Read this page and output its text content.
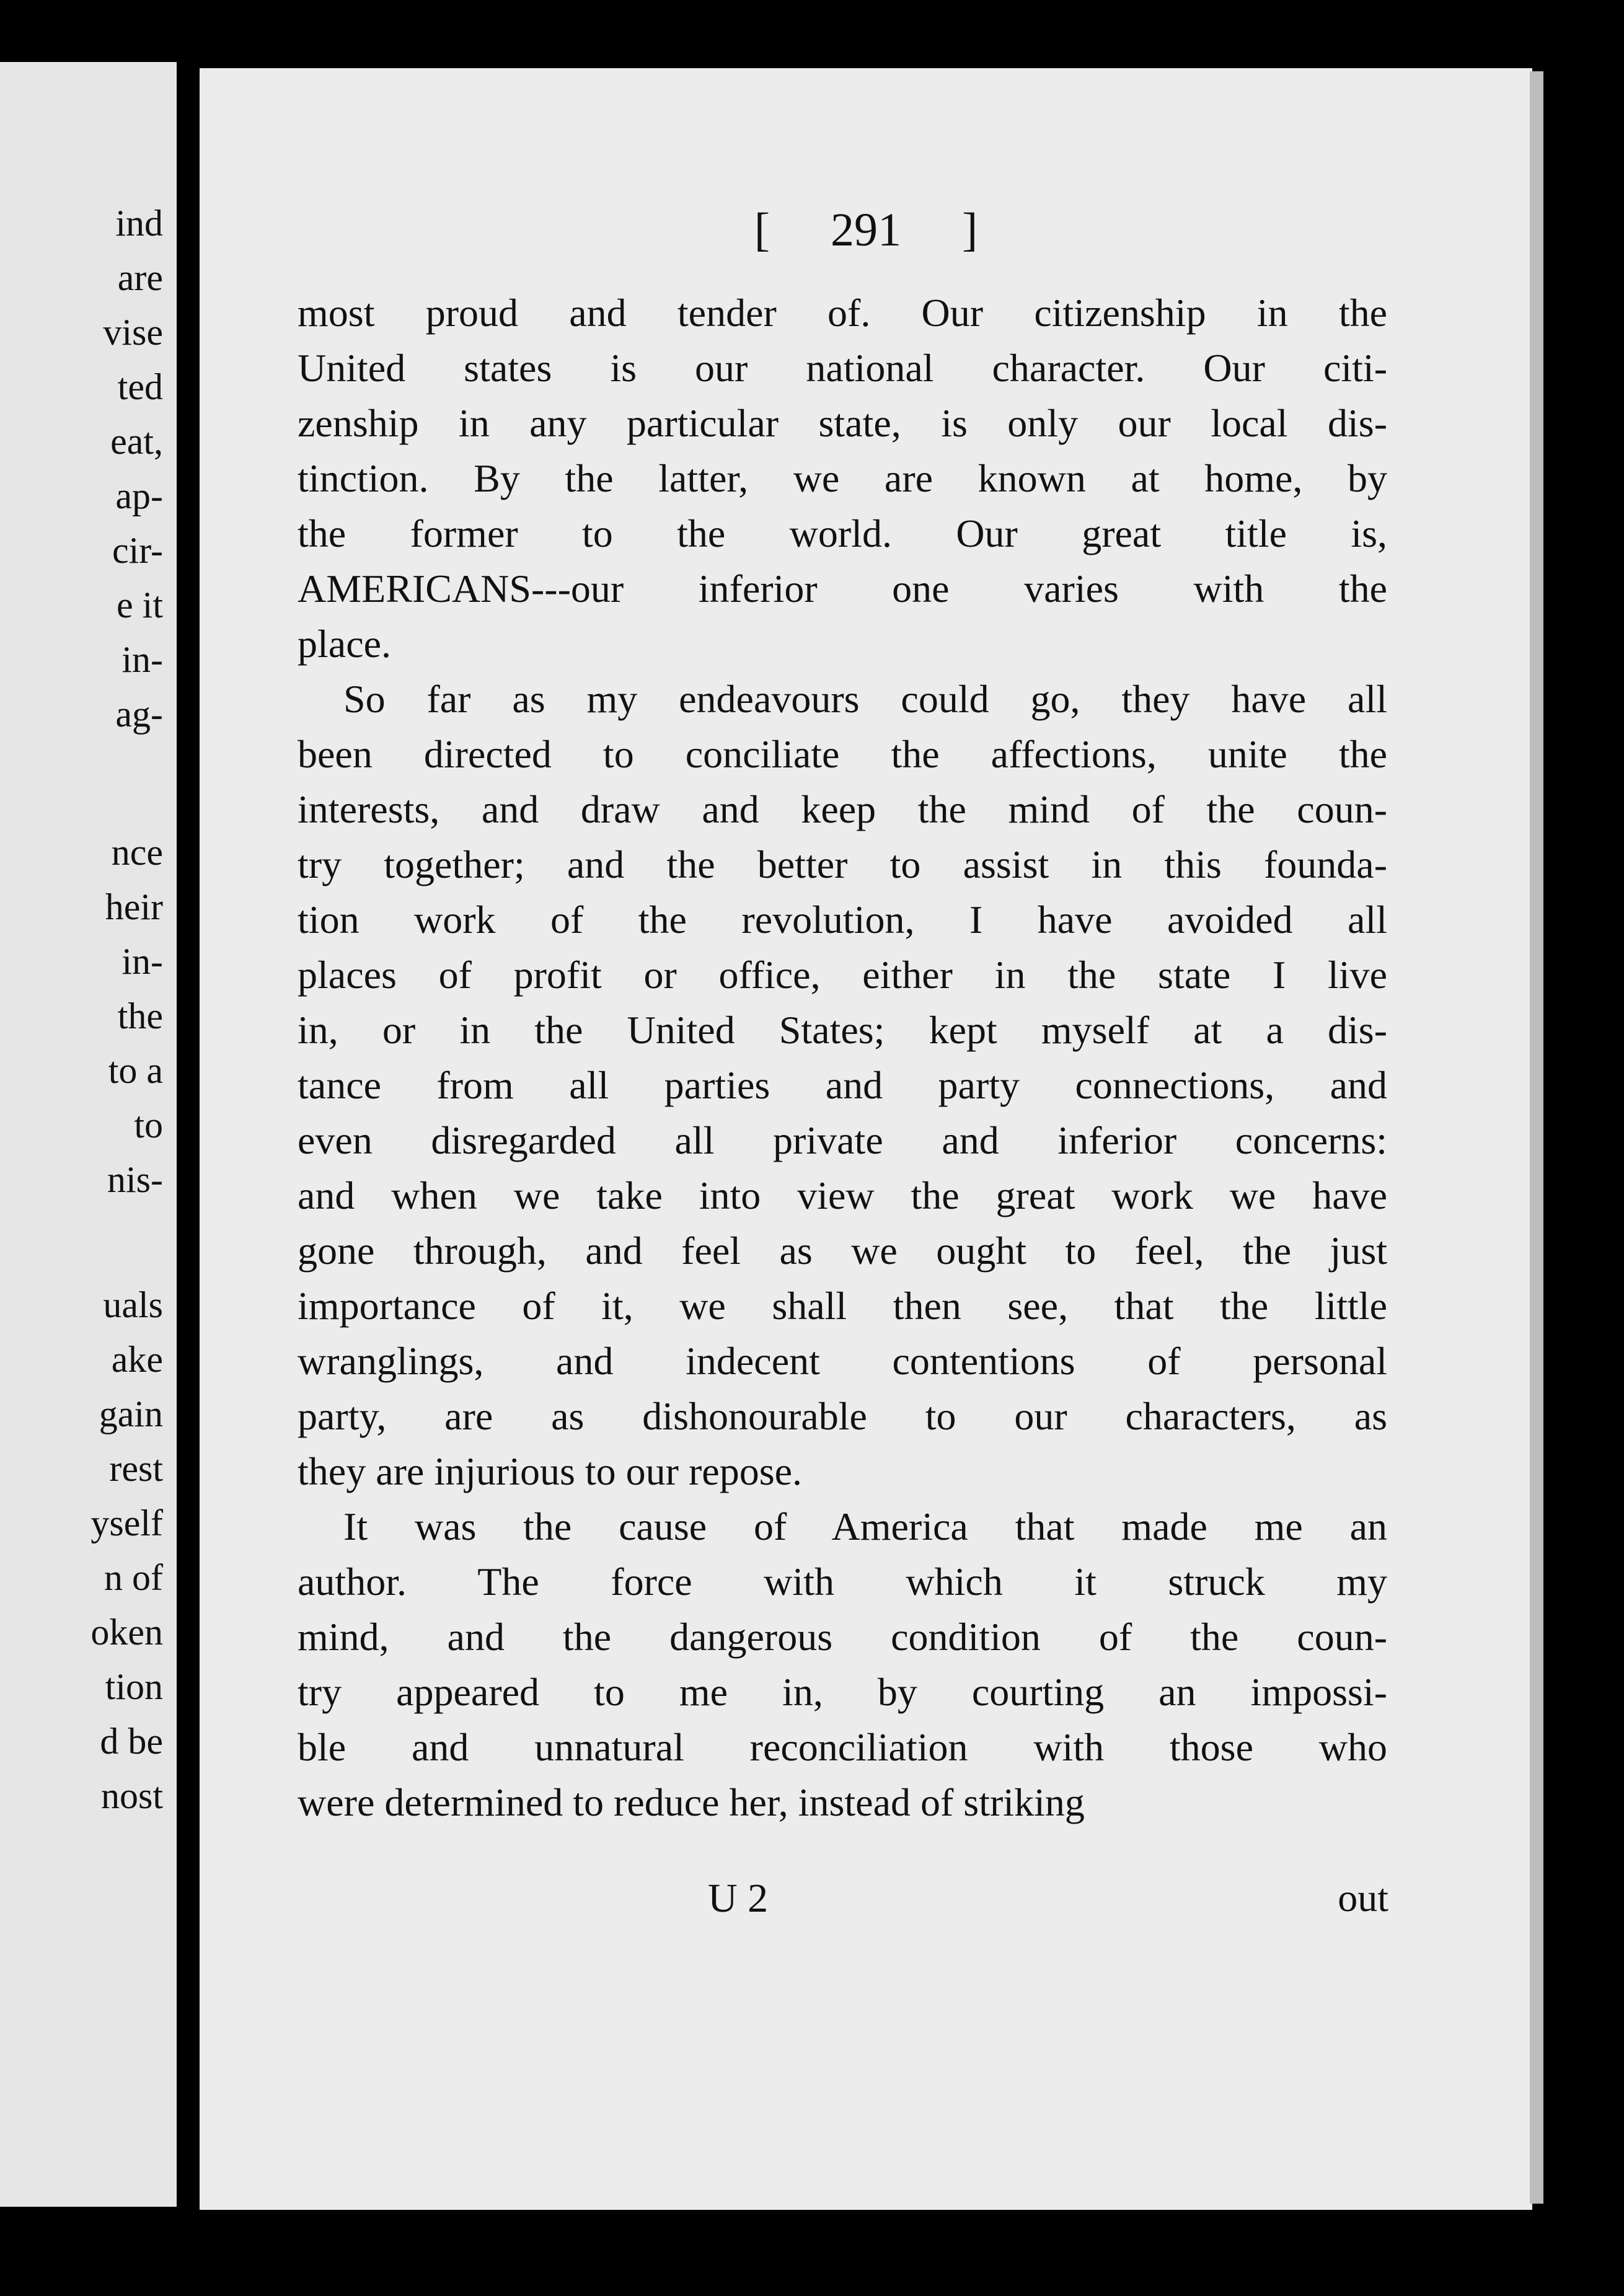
ind
are
vise
ted
eat,
ap-
cir-
e it
in-
ag-
nce
heir
in-
the
to a
to
nis-
uals
ake
gain
rest
yself
n of
oken
tion
d be
nost
[ 291 ]
most proud and tender of. Our citizenship in the
United states is our national character. Our citi-
zenship in any particular state, is only our local dis-
tinction. By the latter, we are known at home, by
the former to the world. Our great title is,
AMERICANS---our inferior one varies with the
place.
So far as my endeavours could go, they have all
been directed to conciliate the affections, unite the
interests, and draw and keep the mind of the coun-
try together; and the better to assist in this founda-
tion work of the revolution, I have avoided all
places of profit or office, either in the state I live
in, or in the United States; kept myself at a dis-
tance from all parties and party connections, and
even disregarded all private and inferior concerns:
and when we take into view the great work we have
gone through, and feel as we ought to feel, the just
importance of it, we shall then see, that the little
wranglings, and indecent contentions of personal
party, are as dishonourable to our characters, as
they are injurious to our repose.
It was the cause of America that made me an
author. The force with which it struck my
mind, and the dangerous condition of the coun-
try appeared to me in, by courting an impossi-
ble and unnatural reconciliation with those who
were determined to reduce her, instead of striking
U 2	out
